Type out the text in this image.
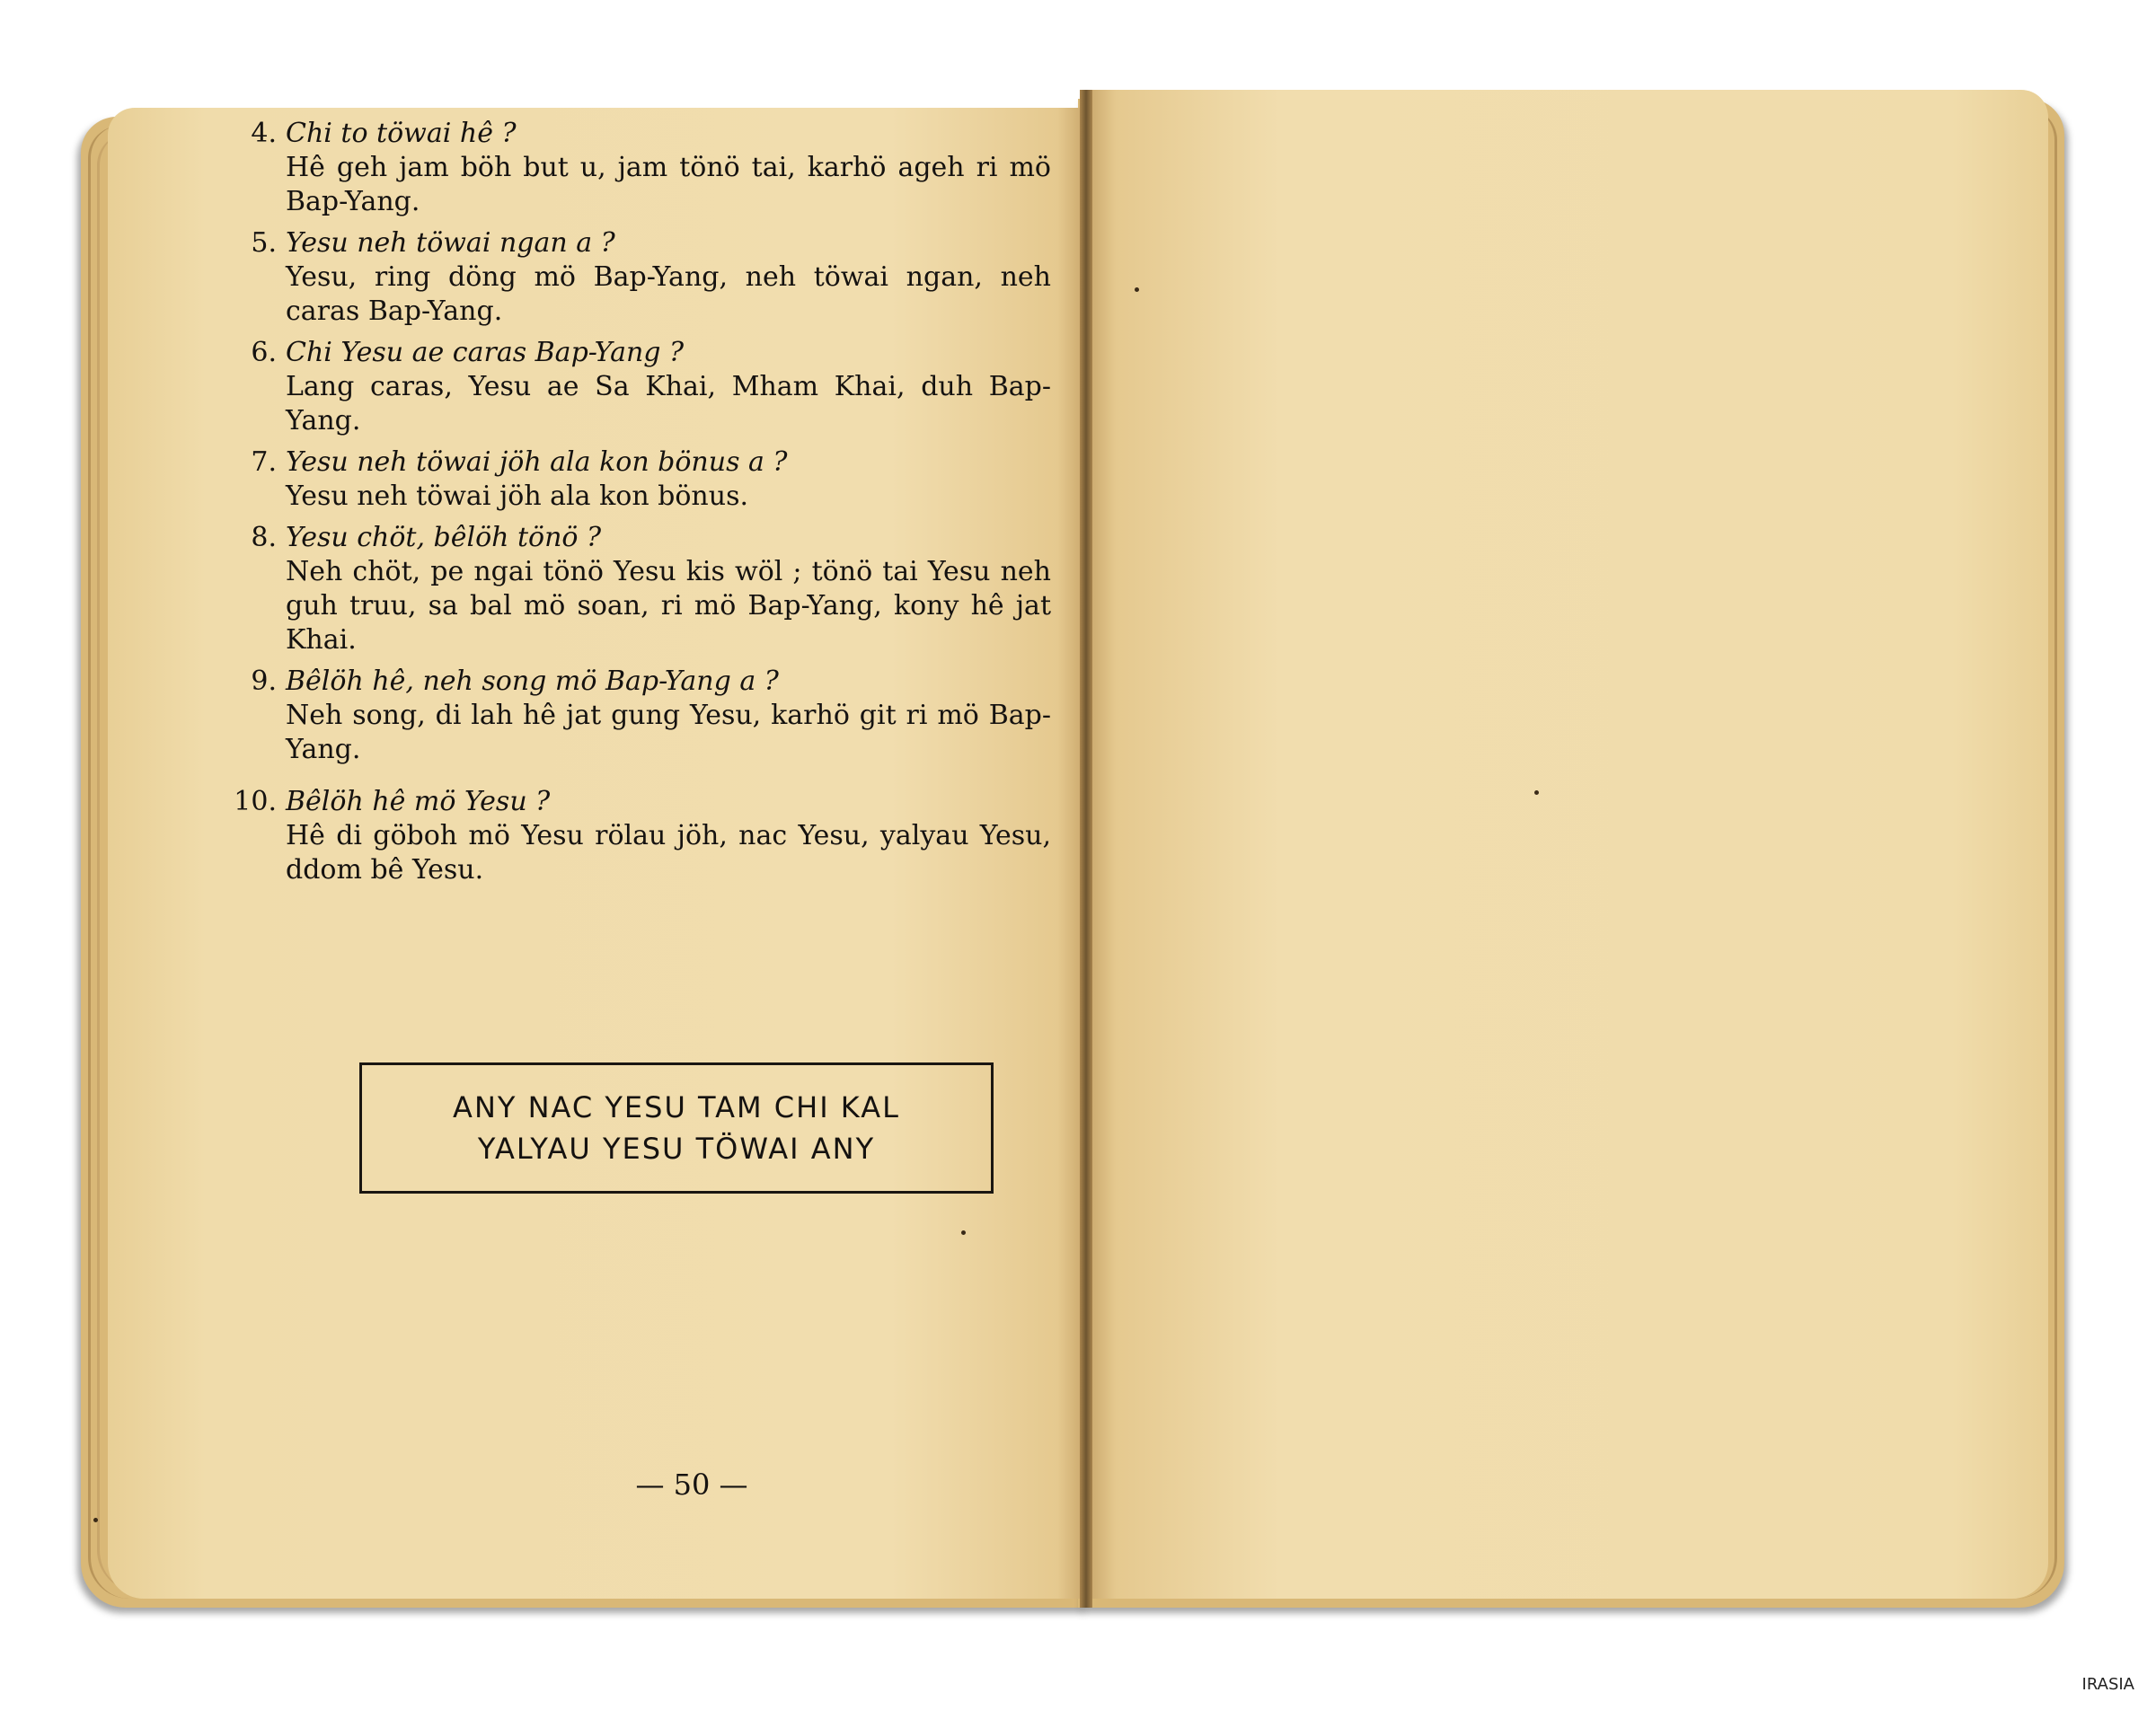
4. Chi to töwai hê ?
Hê geh jam böh but u, jam tönö tai, karhö ageh ri mö Bap-Yang.
5. Yesu neh töwai ngan a ?
Yesu, ring döng mö Bap-Yang, neh töwai ngan, neh caras Bap-Yang.
6. Chi Yesu ae caras Bap-Yang ?
Lang caras, Yesu ae Sa Khai, Mham Khai, duh Bap-Yang.
7. Yesu neh töwai jöh ala kon bönus a ?
Yesu neh töwai jöh ala kon bönus.
8. Yesu chöt, bêlöh tönö ?
Neh chöt, pe ngai tönö Yesu kis wöl ; tönö tai Yesu neh guh truu, sa bal mö soan, ri mö Bap-Yang, kony hê jat Khai.
9. Bêlöh hê, neh song mö Bap-Yang a ?
Neh song, di lah hê jat gung Yesu, karhö git ri mö Bap-Yang.
10. Bêlöh hê mö Yesu ?
Hê di göboh mö Yesu rölau jöh, nac Yesu, yalyau Yesu, ddom bê Yesu.
ANY NAC YESU TAM CHI KAL
YALYAU YESU TÖWAI ANY
— 50 —
IRASIA
